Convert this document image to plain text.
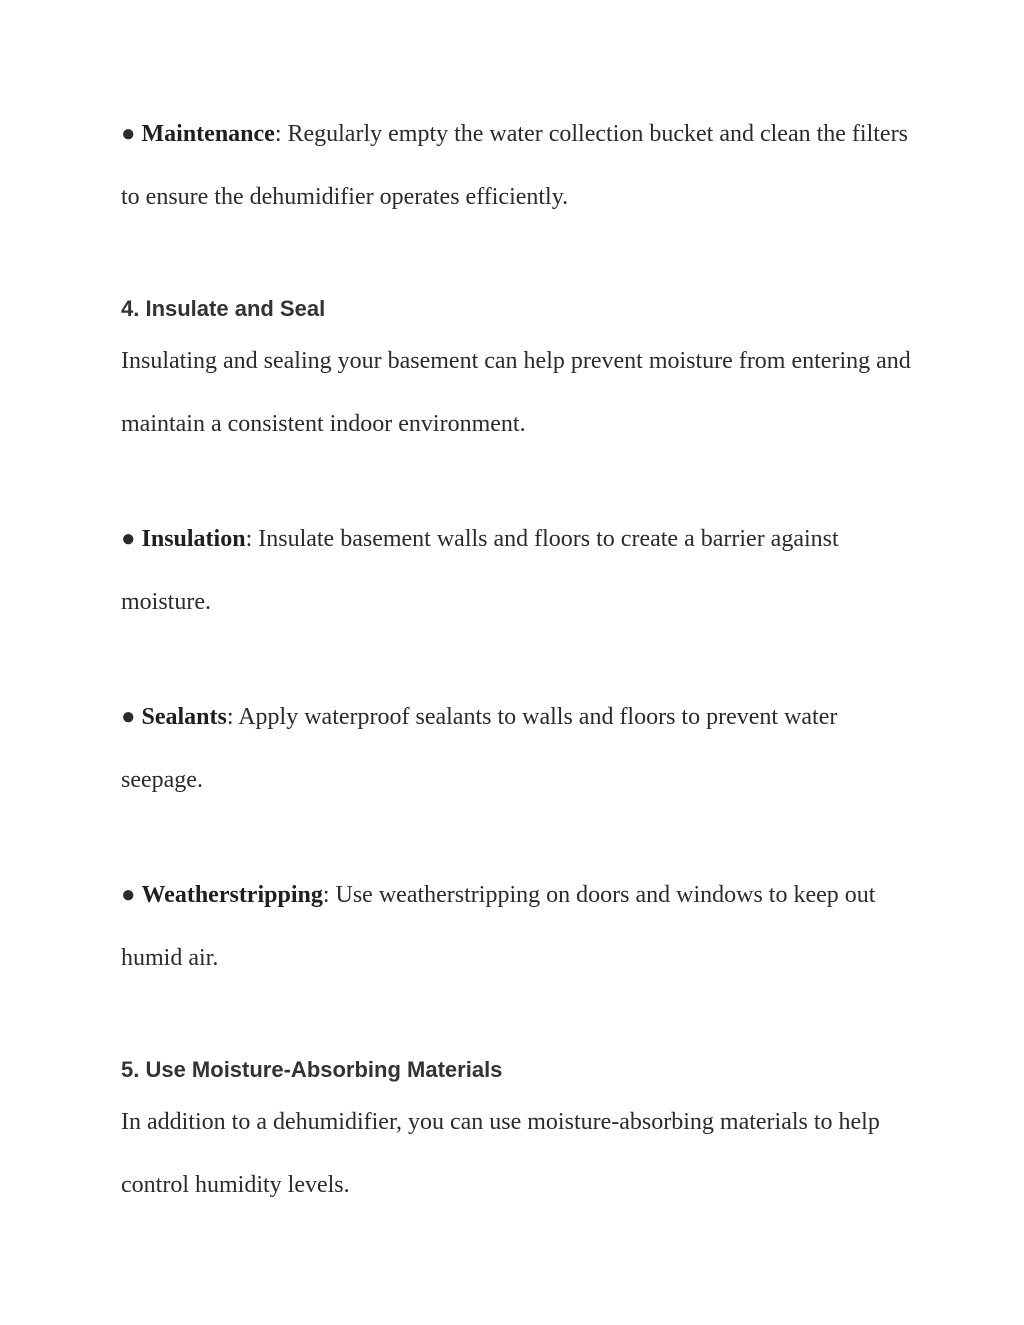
● Maintenance: Regularly empty the water collection bucket and clean the filters to ensure the dehumidifier operates efficiently.

4. Insulate and Seal

Insulating and sealing your basement can help prevent moisture from entering and maintain a consistent indoor environment.

● Insulation: Insulate basement walls and floors to create a barrier against moisture.

● Sealants: Apply waterproof sealants to walls and floors to prevent water seepage.

● Weatherstripping: Use weatherstripping on doors and windows to keep out humid air.

5. Use Moisture-Absorbing Materials

In addition to a dehumidifier, you can use moisture-absorbing materials to help control humidity levels.
